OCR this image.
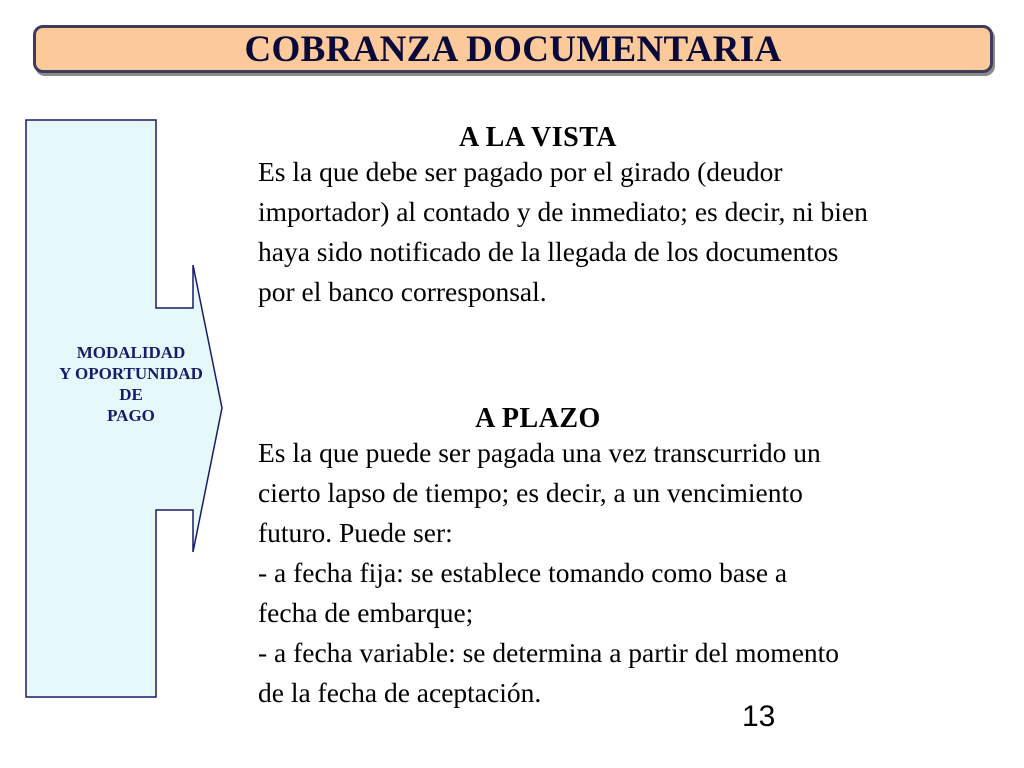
COBRANZA DOCUMENTARIA
MODALIDAD
Y OPORTUNIDAD
DE
PAGO
A LA VISTA
Es la que debe ser pagado por el girado (deudor
importador) al contado y de inmediato; es decir, ni bien
haya sido notificado de la llegada de los documentos
por el banco corresponsal.
A PLAZO
Es la que puede ser pagada una vez transcurrido un
cierto lapso de tiempo; es decir, a un vencimiento
futuro. Puede ser:
- a fecha fija: se establece tomando como base a
fecha de embarque;
- a fecha variable: se determina a partir del momento
de la fecha de aceptación.
13
